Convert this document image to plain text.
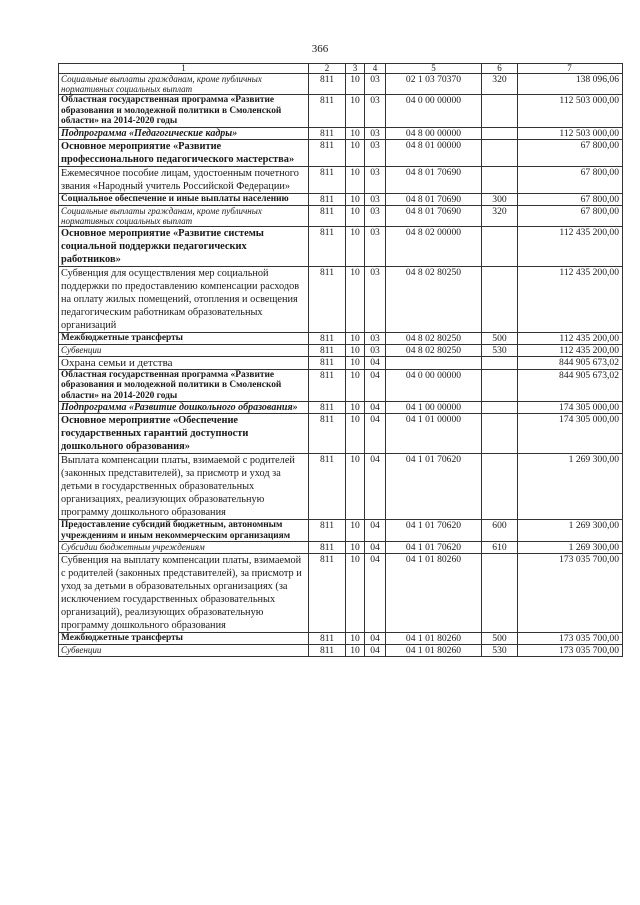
366
1	2	3	4	5	6	7
Социальные выплаты гражданам, кроме публичных нормативных социальных выплат	811	10	03	02 1 03 70370	320	138 096,06
Областная государственная программа «Развитие образования и молодежной политики в Смоленской области» на 2014-2020 годы	811	10	03	04 0 00 00000		112 503 000,00
Подпрограмма «Педагогические кадры»	811	10	03	04 8 00 00000		112 503 000,00
Основное мероприятие «Развитие профессионального педагогического мастерства»	811	10	03	04 8 01 00000		67 800,00
Ежемесячное пособие лицам, удостоенным почетного звания «Народный учитель Российской Федерации»	811	10	03	04 8 01 70690		67 800,00
Социальное обеспечение и иные выплаты населению	811	10	03	04 8 01 70690	300	67 800,00
Социальные выплаты гражданам, кроме публичных нормативных социальных выплат	811	10	03	04 8 01 70690	320	67 800,00
Основное мероприятие «Развитие системы социальной поддержки педагогических работников»	811	10	03	04 8 02 00000		112 435 200,00
Субвенция для осуществления мер социальной поддержки по предоставлению компенсации расходов на оплату жилых помещений, отопления и освещения педагогическим работникам образовательных организаций	811	10	03	04 8 02 80250		112 435 200,00
Межбюджетные трансферты	811	10	03	04 8 02 80250	500	112 435 200,00
Субвенции	811	10	03	04 8 02 80250	530	112 435 200,00
Охрана семьи и детства	811	10	04			844 905 673,02
Областная государственная программа «Развитие образования и молодежной политики в Смоленской области» на 2014-2020 годы	811	10	04	04 0 00 00000		844 905 673,02
Подпрограмма «Развитие дошкольного образования»	811	10	04	04 1 00 00000		174 305 000,00
Основное мероприятие «Обеспечение государственных гарантий доступности дошкольного образования»	811	10	04	04 1 01 00000		174 305 000,00
Выплата компенсации платы, взимаемой с родителей (законных представителей), за присмотр и уход за детьми в государственных образовательных организациях, реализующих образовательную программу дошкольного образования	811	10	04	04 1 01 70620		1 269 300,00
Предоставление субсидий бюджетным, автономным учреждениям и иным некоммерческим организациям	811	10	04	04 1 01 70620	600	1 269 300,00
Субсидии бюджетным учреждениям	811	10	04	04 1 01 70620	610	1 269 300,00
Субвенция на выплату компенсации платы, взимаемой с родителей (законных представителей), за присмотр и уход за детьми в образовательных организациях (за исключением государственных образовательных организаций), реализующих образовательную программу дошкольного образования	811	10	04	04 1 01 80260		173 035 700,00
Межбюджетные трансферты	811	10	04	04 1 01 80260	500	173 035 700,00
Субвенции	811	10	04	04 1 01 80260	530	173 035 700,00
